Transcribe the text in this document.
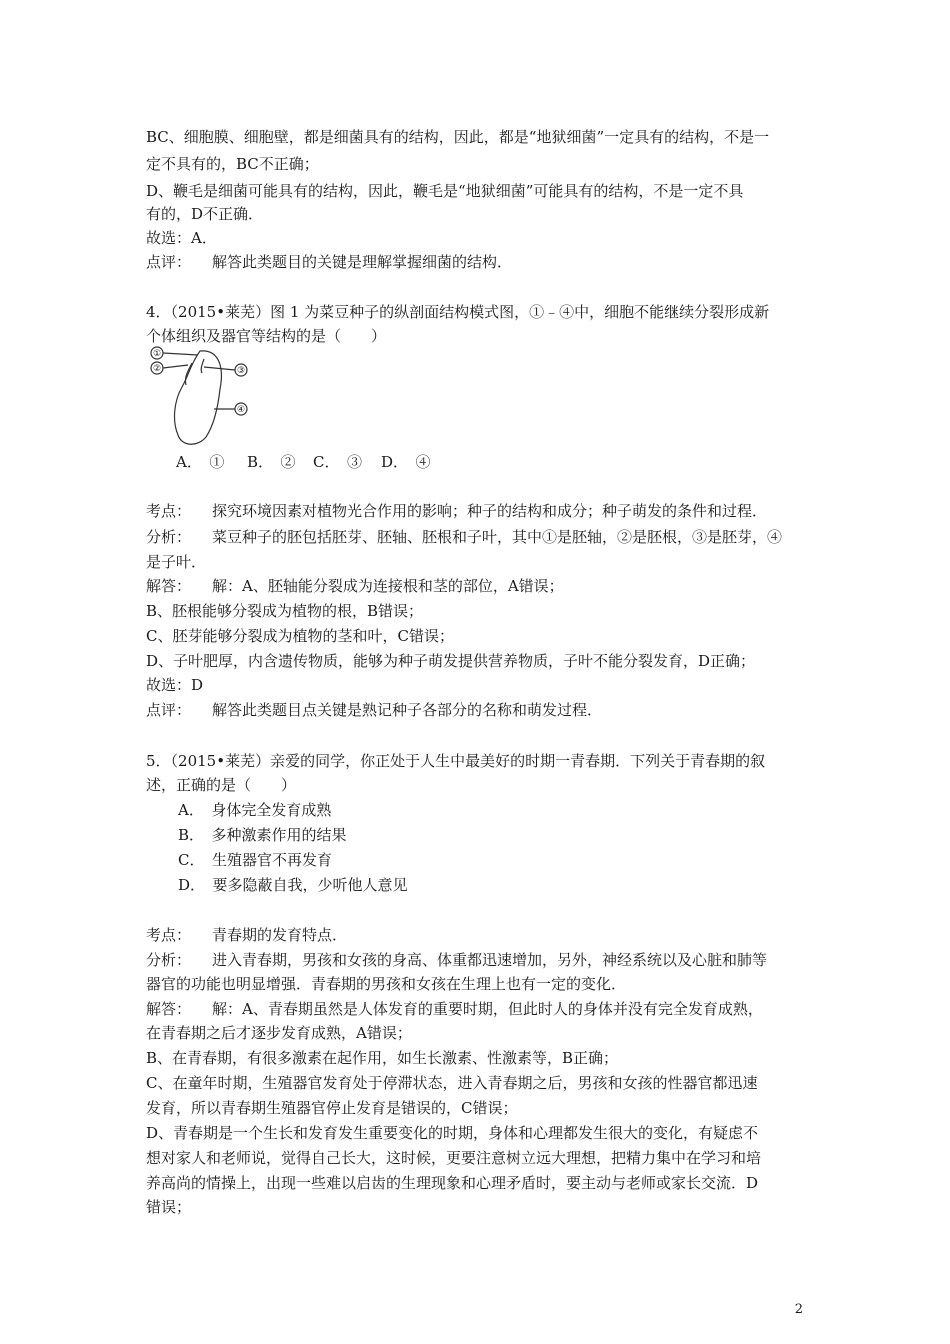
BC、细胞膜、细胞壁，都是细菌具有的结构，因此，都是“地狱细菌”一定具有的结构，不是一
定不具有的，BC不正确；
D、鞭毛是细菌可能具有的结构，因此，鞭毛是“地狱细菌”可能具有的结构，不是一定不具
有的，D不正确．
故选：A．
点评： 解答此类题目的关键是理解掌握细菌的结构．
4．（2015•莱芜）图 1 为菜豆种子的纵剖面结构模式图，①﹣④中，细胞不能继续分裂形成新
个体组织及器官等结构的是（　　）
①
②	③
④
A．　① B．　② C．　③ D．　④
考点： 探究环境因素对植物光合作用的影响；种子的结构和成分；种子萌发的条件和过程．
分析： 菜豆种子的胚包括胚芽、胚轴、胚根和子叶，其中①是胚轴，②是胚根，③是胚芽，④
是子叶．
解答： 解：A、胚轴能分裂成为连接根和茎的部位，A错误；
B、胚根能够分裂成为植物的根，B错误；
C、胚芽能够分裂成为植物的茎和叶，C错误；
D、子叶肥厚，内含遗传物质，能够为种子萌发提供营养物质，子叶不能分裂发育，D正确；
故选：D
点评： 解答此类题目点关键是熟记种子各部分的名称和萌发过程．
5．（2015•莱芜）亲爱的同学，你正处于人生中最美好的时期一青春期．下列关于青春期的叙
述，正确的是（　　）
A．　身体完全发育成熟
B．　多种激素作用的结果
C．　生殖器官不再发育
D．　要多隐蔽自我，少听他人意见
考点： 青春期的发育特点．
分析： 进入青春期，男孩和女孩的身高、体重都迅速增加，另外，神经系统以及心脏和肺等
器官的功能也明显增强．青春期的男孩和女孩在生理上也有一定的变化．
解答： 解：A、青春期虽然是人体发育的重要时期，但此时人的身体并没有完全发育成熟，
在青春期之后才逐步发育成熟，A错误；
B、在青春期，有很多激素在起作用，如生长激素、性激素等，B正确；
C、在童年时期，生殖器官发育处于停滞状态，进入青春期之后，男孩和女孩的性器官都迅速
发育，所以青春期生殖器官停止发育是错误的，C错误；
D、青春期是一个生长和发育发生重要变化的时期，身体和心理都发生很大的变化，有疑虑不
想对家人和老师说，觉得自己长大，这时候，更要注意树立远大理想，把精力集中在学习和培
养高尚的情操上，出现一些难以启齿的生理现象和心理矛盾时，要主动与老师或家长交流．D
错误；
2
